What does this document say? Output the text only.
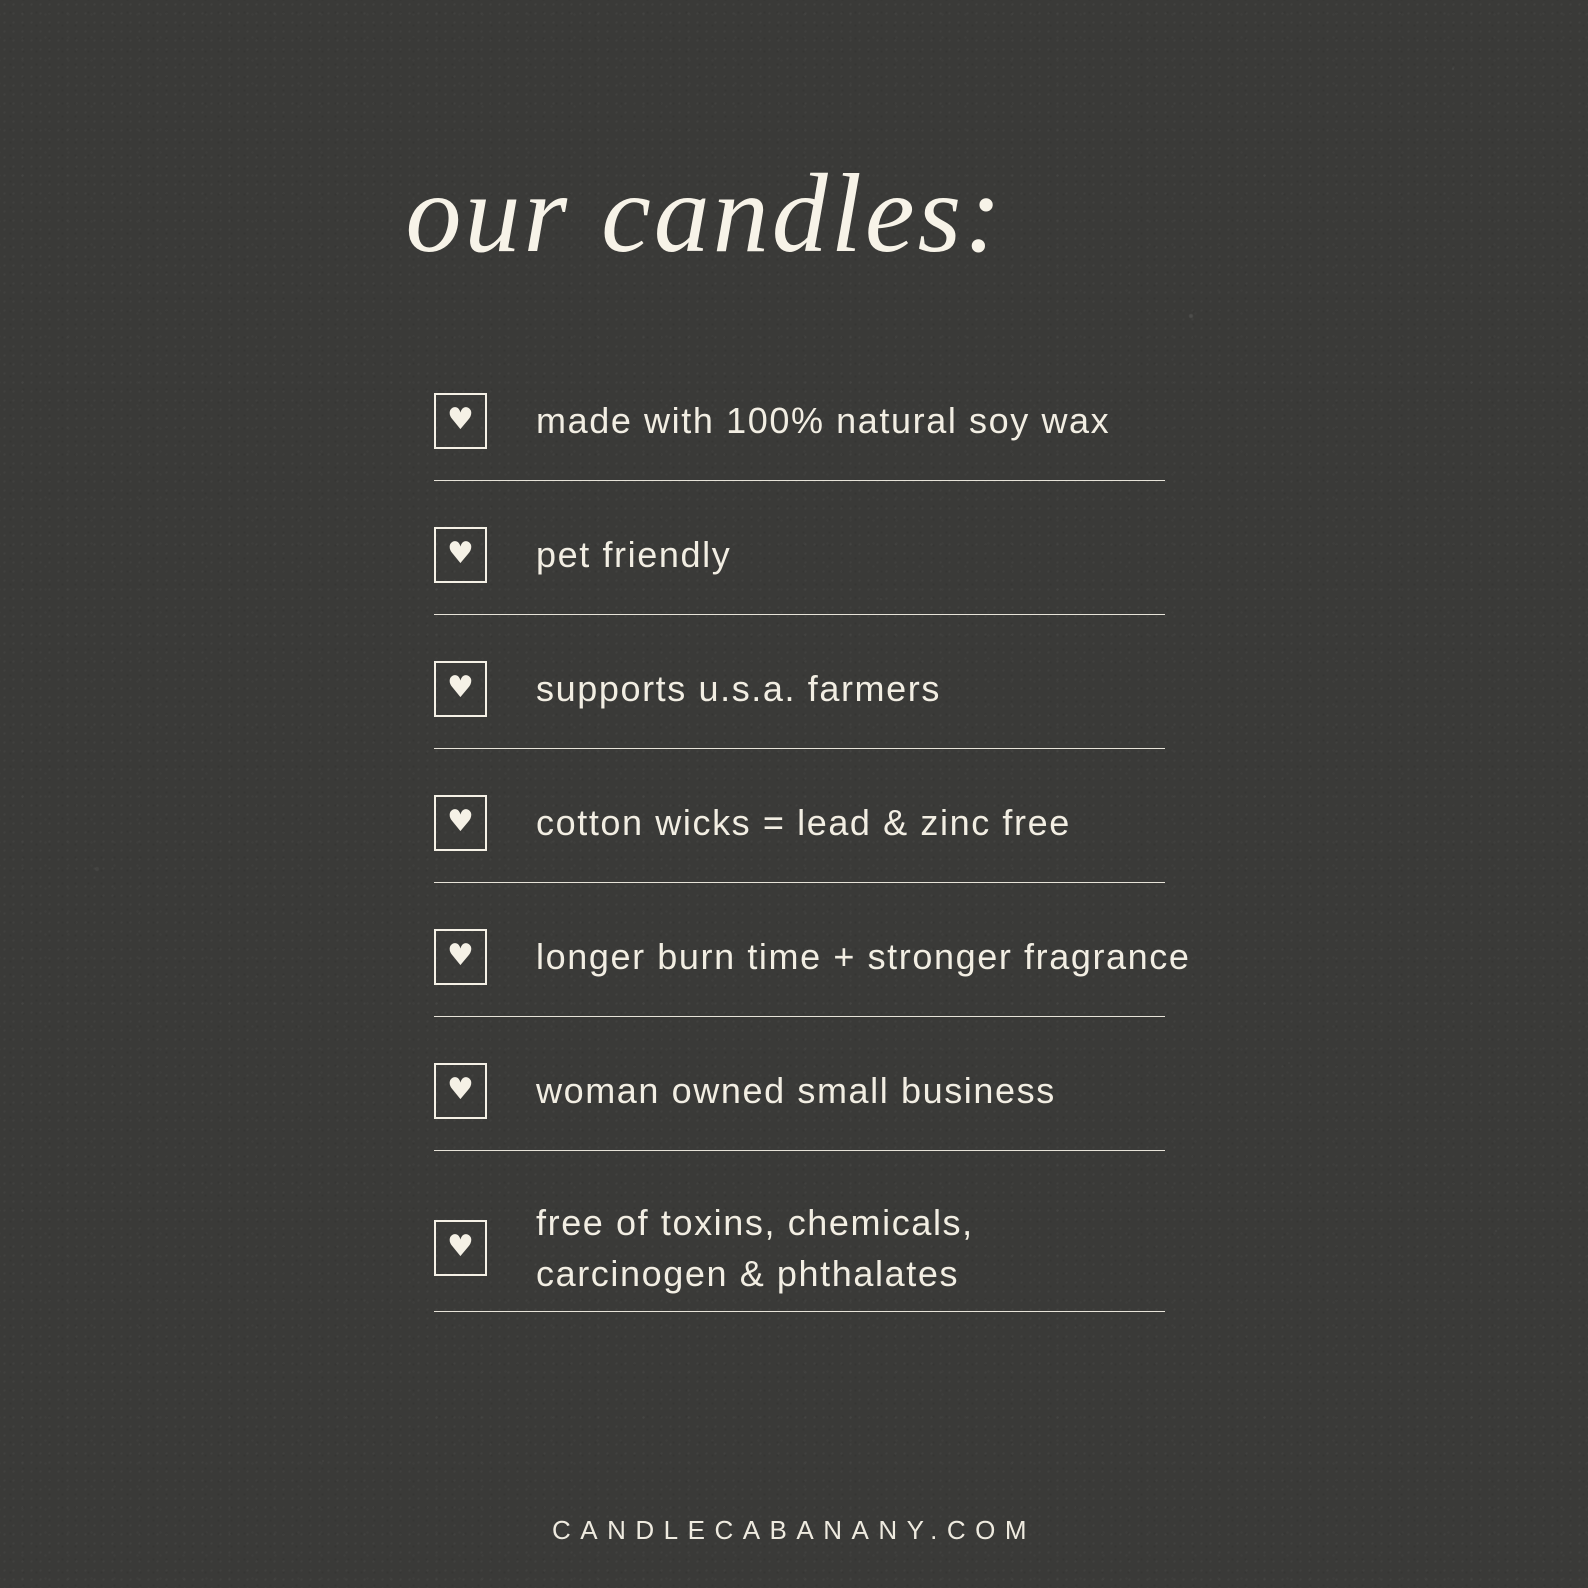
our candles:
♥ made with 100% natural soy wax
♥ pet friendly
♥ supports u.s.a. farmers
♥ cotton wicks = lead & zinc free
♥ longer burn time + stronger fragrance
♥ woman owned small business
♥
free of toxins, chemicals, carcinogen & phthalates
CANDLECABANANY.COM
